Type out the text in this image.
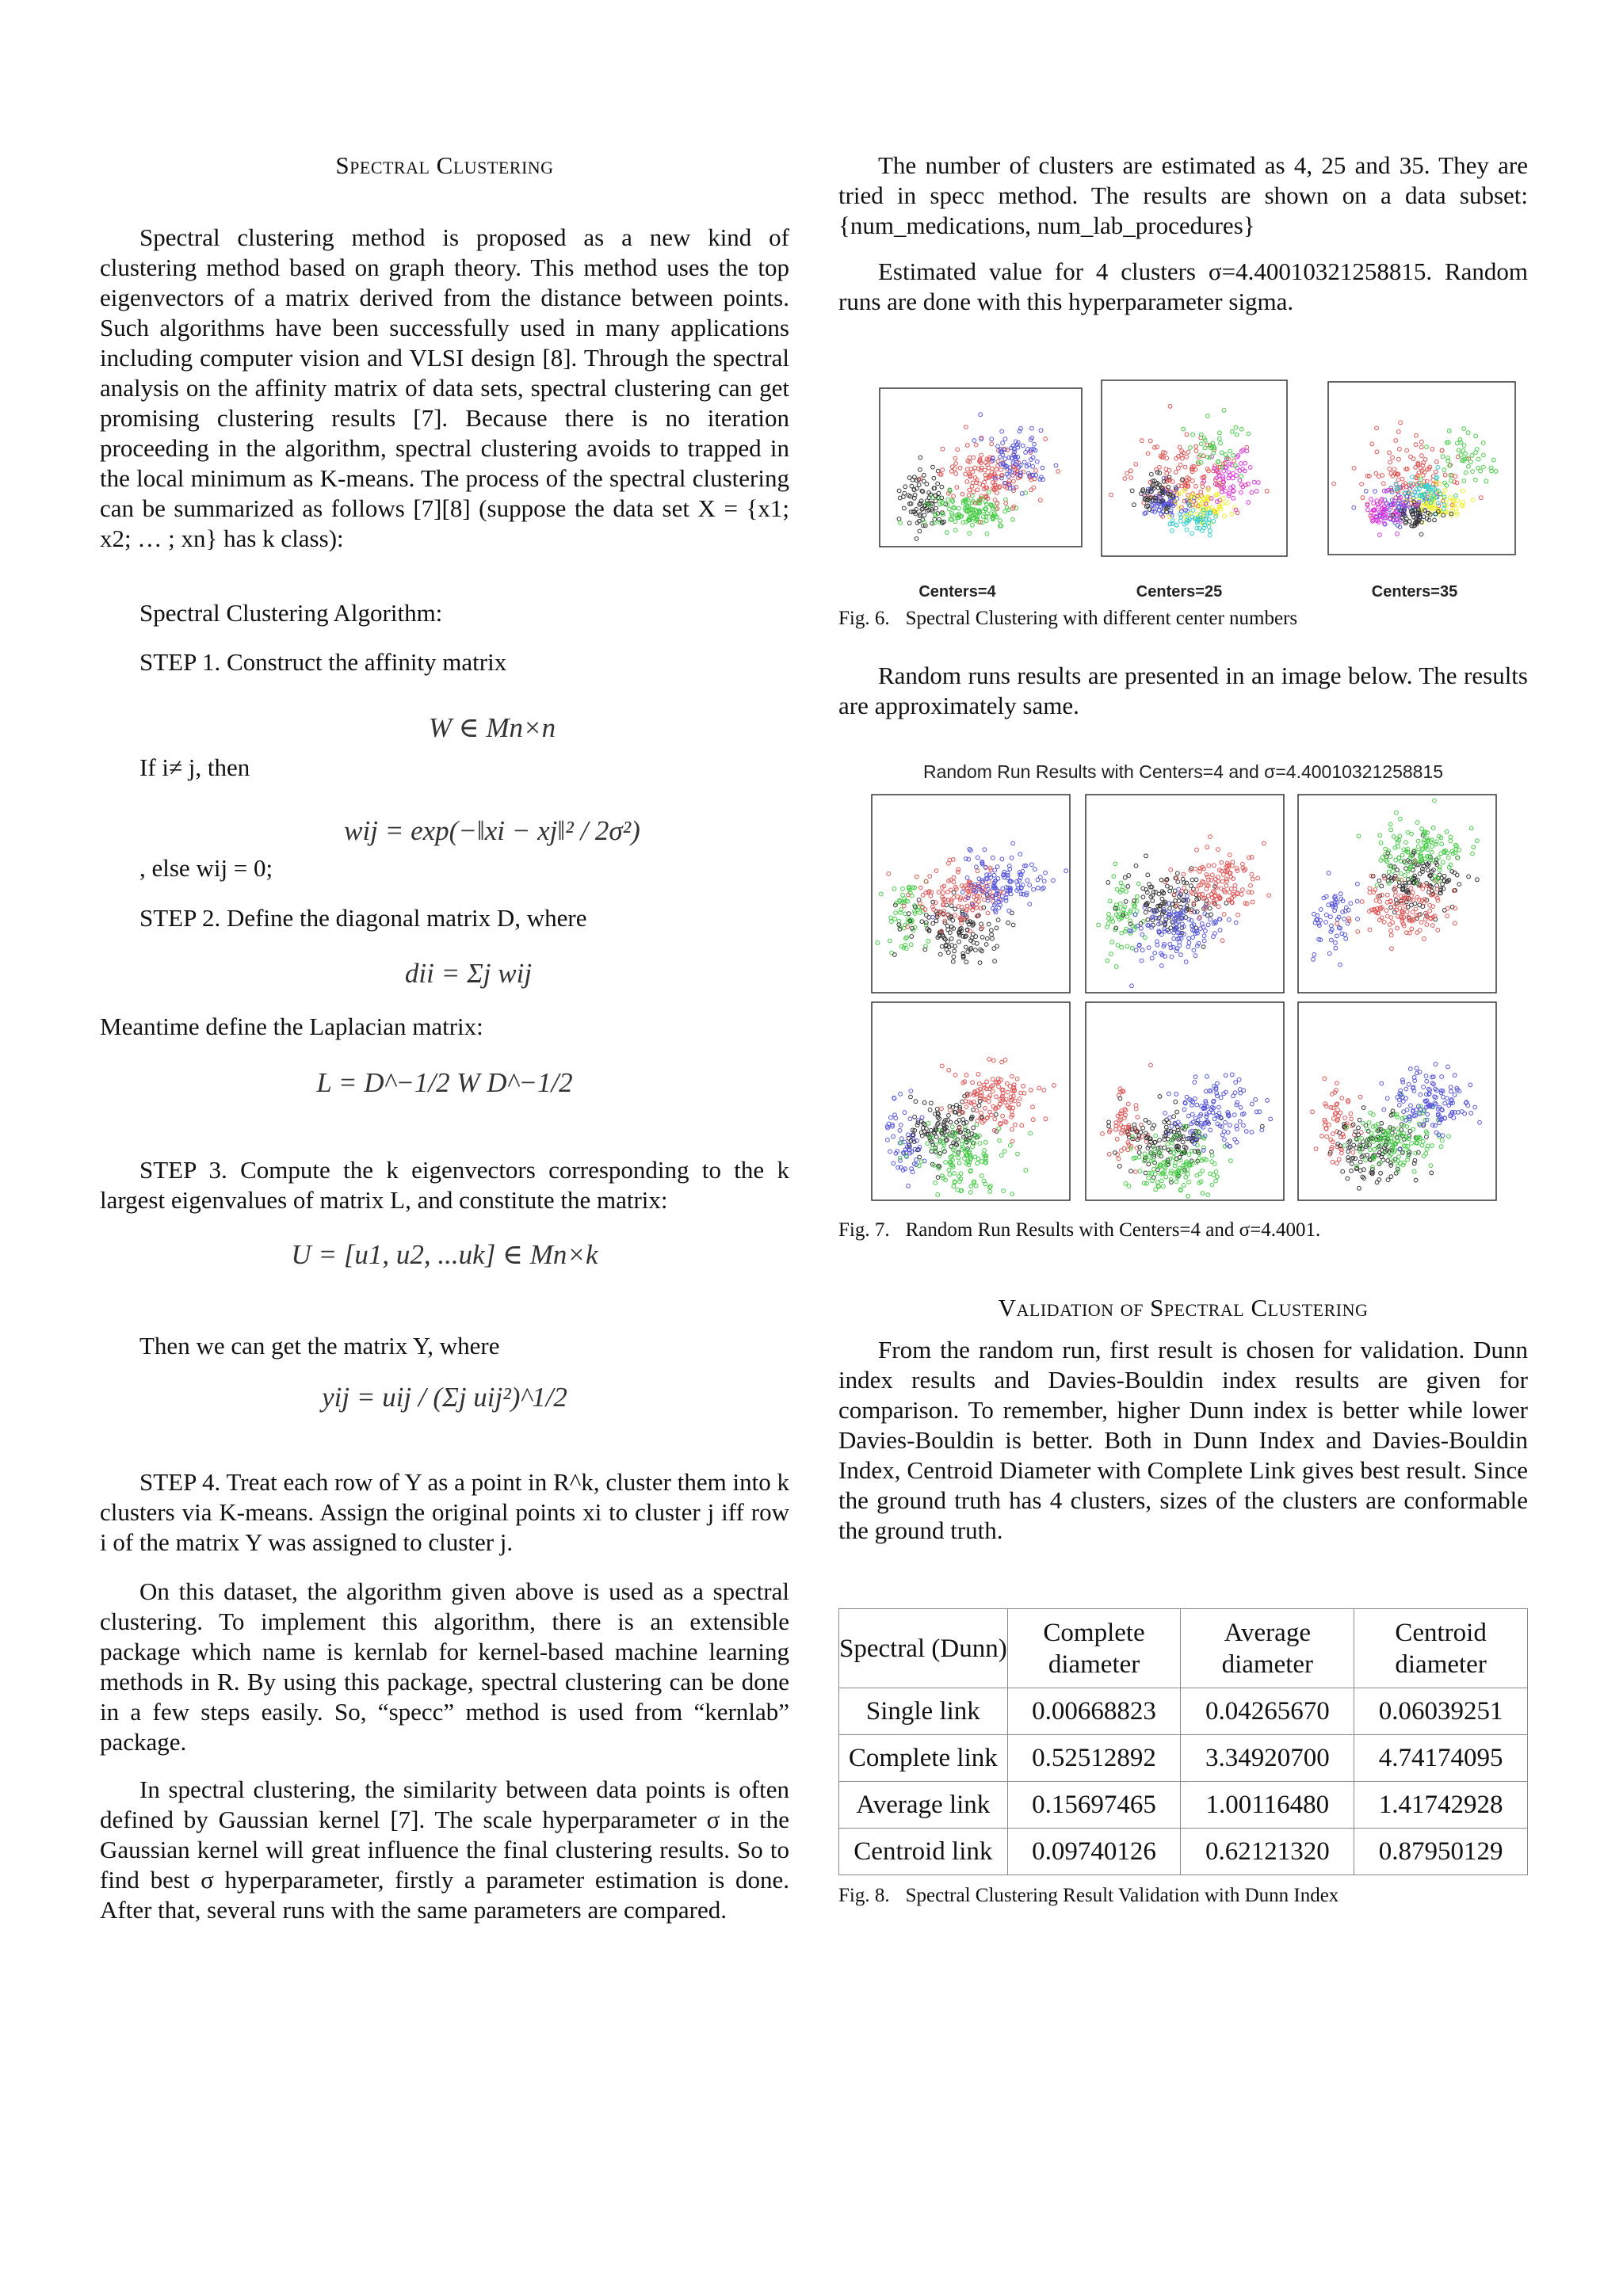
Spectral Clustering
Spectral clustering method is proposed as a new kind of clustering method based on graph theory. This method uses the top eigenvectors of a matrix derived from the distance between points. Such algorithms have been successfully used in many applications including computer vision and VLSI design [8]. Through the spectral analysis on the affinity matrix of data sets, spectral clustering can get promising clustering results [7]. Because there is no iteration proceeding in the algorithm, spectral clustering avoids to trapped in the local minimum as K-means. The process of the spectral clustering can be summarized as follows [7][8] (suppose the data set X = {x1; x2; … ; xn} has k class):
Spectral Clustering Algorithm:
STEP 1. Construct the affinity matrix
W ∈ Mn×n
If i≠ j, then
wij = exp(−‖xi − xj‖² / 2σ²)
, else wij = 0;
STEP 2. Define the diagonal matrix D, where
dii = Σj wij
Meantime define the Laplacian matrix:
L = D^−1/2 W D^−1/2
STEP 3. Compute the k eigenvectors corresponding to the k largest eigenvalues of matrix L, and constitute the matrix:
U = [u1, u2, ...uk] ∈ Mn×k
Then we can get the matrix Y, where
yij = uij / (Σj uij²)^1/2
STEP 4. Treat each row of Y as a point in R^k, cluster them into k clusters via K-means. Assign the original points xi to cluster j iff row i of the matrix Y was assigned to cluster j.
On this dataset, the algorithm given above is used as a spectral clustering. To implement this algorithm, there is an extensible package which name is kernlab for kernel-based machine learning methods in R. By using this package, spectral clustering can be done in a few steps easily. So, “specc” method is used from “kernlab” package.
In spectral clustering, the similarity between data points is often defined by Gaussian kernel [7]. The scale hyperparameter σ in the Gaussian kernel will great influence the final clustering results. So to find best σ hyperparameter, firstly a parameter estimation is done. After that, several runs with the same parameters are compared.
The number of clusters are estimated as 4, 25 and 35. They are tried in specc method. The results are shown on a data subset: {num_medications, num_lab_procedures}
Estimated value for 4 clusters σ=4.40010321258815. Random runs are done with this hyperparameter sigma.
Centers=4	Centers=25	Centers=35
Fig. 6. Spectral Clustering with different center numbers
Random runs results are presented in an image below. The results are approximately same.
Random Run Results with Centers=4 and σ=4.40010321258815
Fig. 7. Random Run Results with Centers=4 and σ=4.4001.
Validation of Spectral Clustering
From the random run, first result is chosen for validation. Dunn index results and Davies-Bouldin index results are given for comparison. To remember, higher Dunn index is better while lower Davies-Bouldin is better. Both in Dunn Index and Davies-Bouldin Index, Centroid Diameter with Complete Link gives best result. Since the ground truth has 4 clusters, sizes of the clusters are conformable the ground truth.
Spectral (Dunn)	Complete diameter	Average diameter	Centroid diameter
Single link	0.00668823	0.04265670	0.06039251
Complete link	0.52512892	3.34920700	4.74174095
Average link	0.15697465	1.00116480	1.41742928
Centroid link	0.09740126	0.62121320	0.87950129
Fig. 8. Spectral Clustering Result Validation with Dunn Index
